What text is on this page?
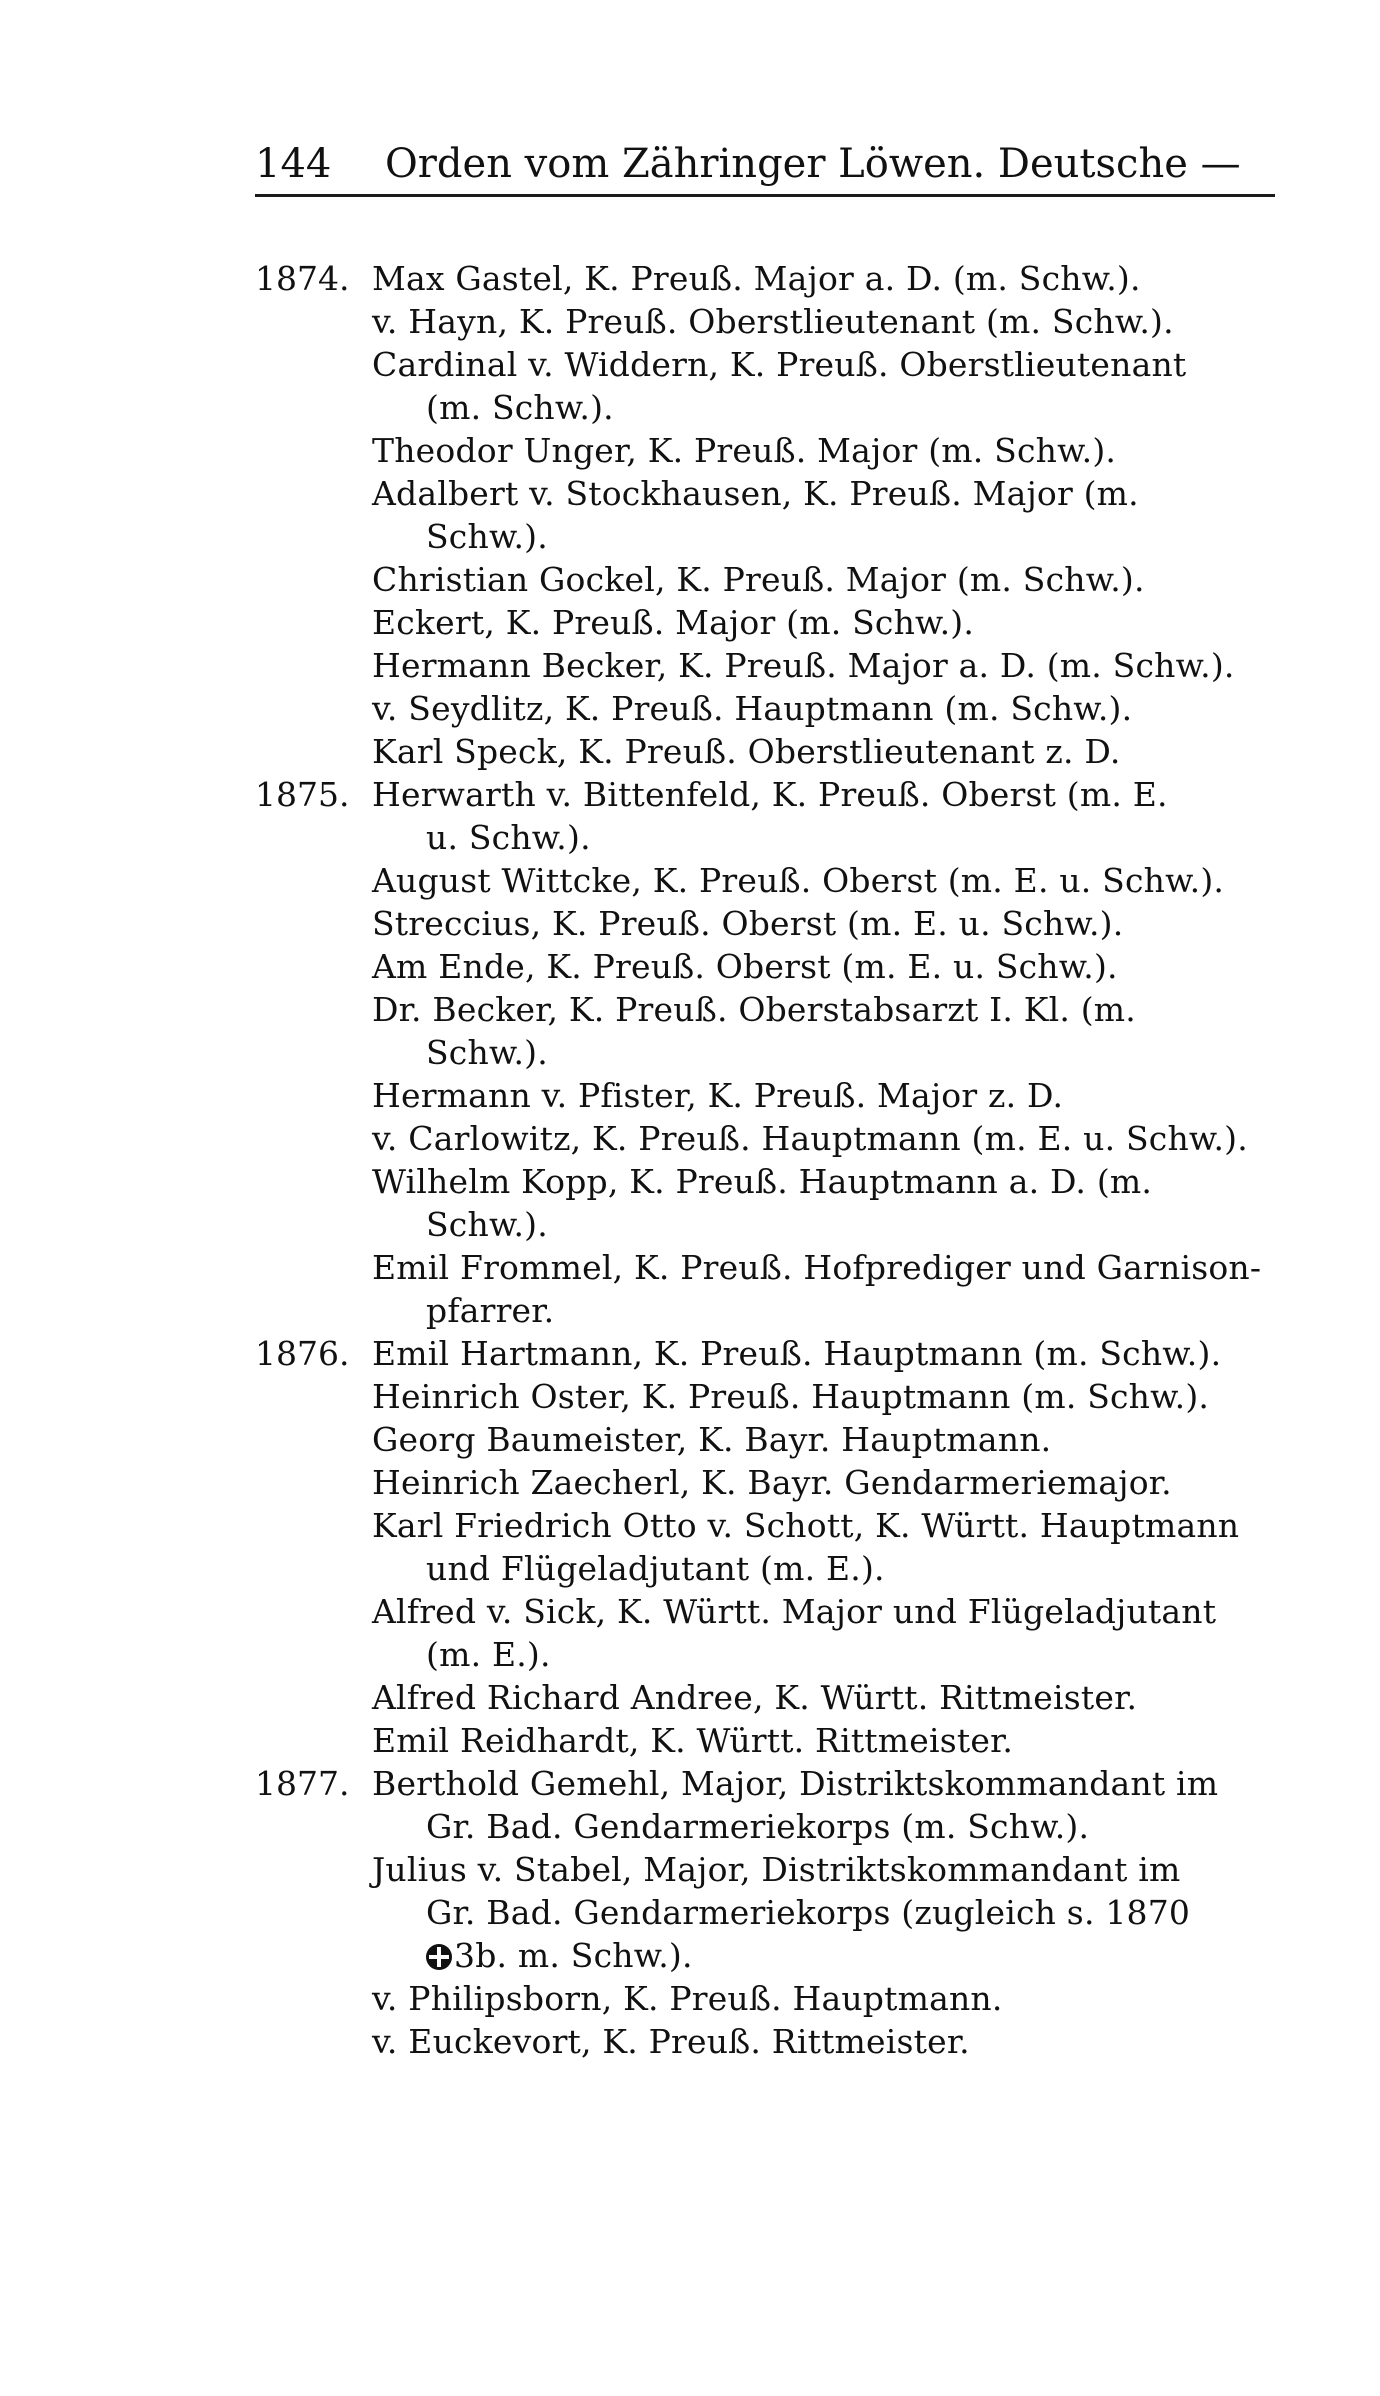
144 Orden vom Zähringer Löwen. Deutsche —
1874. Max Gastel, K. Preuß. Major a. D. (m. Schw.).
v. Hayn, K. Preuß. Oberstlieutenant (m. Schw.).
Cardinal v. Widdern, K. Preuß. Oberstlieutenant
(m. Schw.).
Theodor Unger, K. Preuß. Major (m. Schw.).
Adalbert v. Stockhausen, K. Preuß. Major (m.
Schw.).
Christian Gockel, K. Preuß. Major (m. Schw.).
Eckert, K. Preuß. Major (m. Schw.).
Hermann Becker, K. Preuß. Major a. D. (m. Schw.).
v. Seydlitz, K. Preuß. Hauptmann (m. Schw.).
Karl Speck, K. Preuß. Oberstlieutenant z. D.
1875. Herwarth v. Bittenfeld, K. Preuß. Oberst (m. E.
u. Schw.).
August Wittcke, K. Preuß. Oberst (m. E. u. Schw.).
Streccius, K. Preuß. Oberst (m. E. u. Schw.).
Am Ende, K. Preuß. Oberst (m. E. u. Schw.).
Dr. Becker, K. Preuß. Oberstabsarzt I. Kl. (m.
Schw.).
Hermann v. Pfister, K. Preuß. Major z. D.
v. Carlowitz, K. Preuß. Hauptmann (m. E. u. Schw.).
Wilhelm Kopp, K. Preuß. Hauptmann a. D. (m.
Schw.).
Emil Frommel, K. Preuß. Hofprediger und Garnison-
pfarrer.
1876. Emil Hartmann, K. Preuß. Hauptmann (m. Schw.).
Heinrich Oster, K. Preuß. Hauptmann (m. Schw.).
Georg Baumeister, K. Bayr. Hauptmann.
Heinrich Zaecherl, K. Bayr. Gendarmeriemajor.
Karl Friedrich Otto v. Schott, K. Württ. Hauptmann
und Flügeladjutant (m. E.).
Alfred v. Sick, K. Württ. Major und Flügeladjutant
(m. E.).
Alfred Richard Andree, K. Württ. Rittmeister.
Emil Reidhardt, K. Württ. Rittmeister.
1877. Berthold Gemehl, Major, Distriktskommandant im
Gr. Bad. Gendarmeriekorps (m. Schw.).
Julius v. Stabel, Major, Distriktskommandant im
Gr. Bad. Gendarmeriekorps (zugleich s. 1870
3b. m. Schw.).
v. Philipsborn, K. Preuß. Hauptmann.
v. Euckevort, K. Preuß. Rittmeister.
